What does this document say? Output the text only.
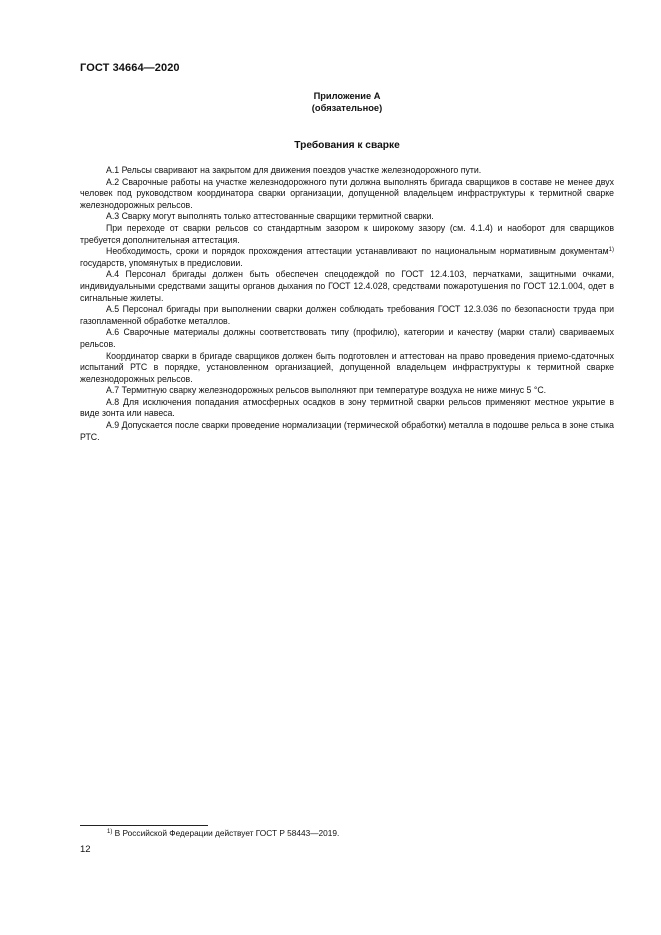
ГОСТ 34664—2020
Приложение А
(обязательное)
Требования к сварке

А.1 Рельсы сваривают на закрытом для движения поездов участке железнодорожного пути.

А.2 Сварочные работы на участке железнодорожного пути должна выполнять бригада сварщиков в составе не менее двух человек под руководством координатора сварки организации, допущенной владельцем инфраструктуры к термитной сварке железнодорожных рельсов.

А.3 Сварку могут выполнять только аттестованные сварщики термитной сварки.

При переходе от сварки рельсов со стандартным зазором к широкому зазору (см. 4.1.4) и наоборот для сварщиков требуется дополнительная аттестация.

Необходимость, сроки и порядок прохождения аттестации устанавливают по национальным нормативным документам$^{1)}$ государств, упомянутых в предисловии.

А.4 Персонал бригады должен быть обеспечен спецодеждой по ГОСТ 12.4.103, перчатками, защитными очками, индивидуальными средствами защиты органов дыхания по ГОСТ 12.4.028, средствами пожаротушения по ГОСТ 12.1.004, одет в сигнальные жилеты.

А.5 Персонал бригады при выполнении сварки должен соблюдать требования ГОСТ 12.3.036 по безопасности труда при газопламенной обработке металлов.

А.6 Сварочные материалы должны соответствовать типу (профилю), категории и качеству (марки стали) свариваемых рельсов.

Координатор сварки в бригаде сварщиков должен быть подготовлен и аттестован на право проведения приемо-сдаточных испытаний РТС в порядке, установленном организацией, допущенной владельцем инфраструктуры к термитной сварке железнодорожных рельсов.

А.7 Термитную сварку железнодорожных рельсов выполняют при температуре воздуха не ниже минус 5 °С.

А.8 Для исключения попадания атмосферных осадков в зону термитной сварки рельсов применяют местное укрытие в виде зонта или навеса.

А.9 Допускается после сварки проведение нормализации (термической обработки) металла в подошве рельса в зоне стыка РТС.

$^{1)}$ В Российской Федерации действует ГОСТ Р 58443—2019.
12
